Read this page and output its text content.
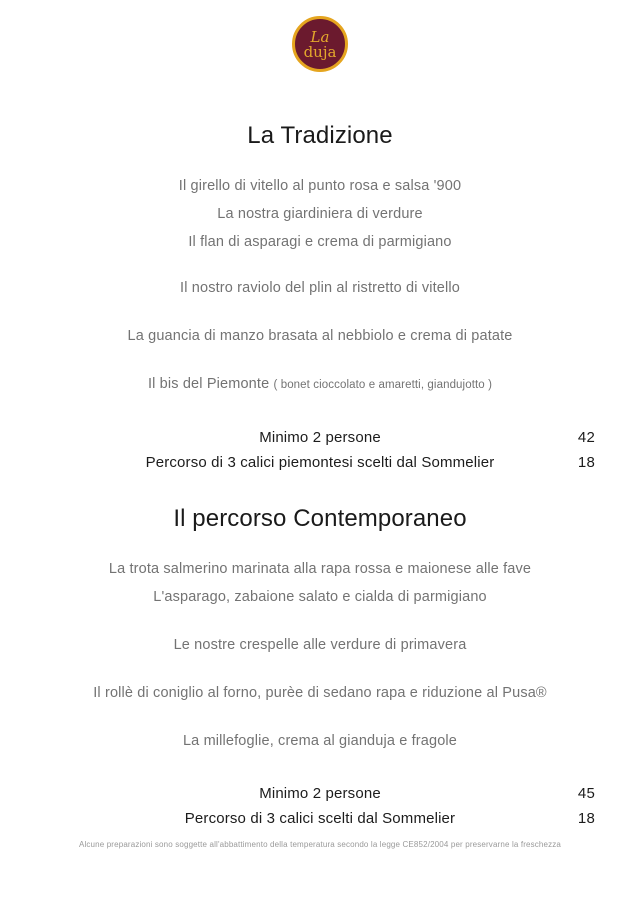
La
duja
La Tradizione
Il girello di vitello al punto rosa e salsa '900
La nostra giardiniera di verdure
Il flan di asparagi e crema di parmigiano
Il nostro raviolo del plin al ristretto di vitello
La guancia di manzo brasata al nebbiolo e crema di patate
Il bis del Piemonte ( bonet cioccolato e amaretti, giandujotto )
Minimo 2 persone	42
Percorso di 3 calici piemontesi scelti dal Sommelier	18
Il percorso Contemporaneo
La trota salmerino marinata alla rapa rossa e maionese alle fave
L'asparago, zabaione salato e cialda di parmigiano
Le nostre crespelle alle verdure di primavera
Il rollè di coniglio al forno, purèe di sedano rapa e riduzione al Pusa®
La millefoglie, crema al gianduja e fragole
Minimo 2 persone	45
Percorso di 3 calici scelti dal Sommelier	18
Alcune preparazioni sono soggette all'abbattimento della temperatura secondo la legge CE852/2004 per preservarne la freschezza
